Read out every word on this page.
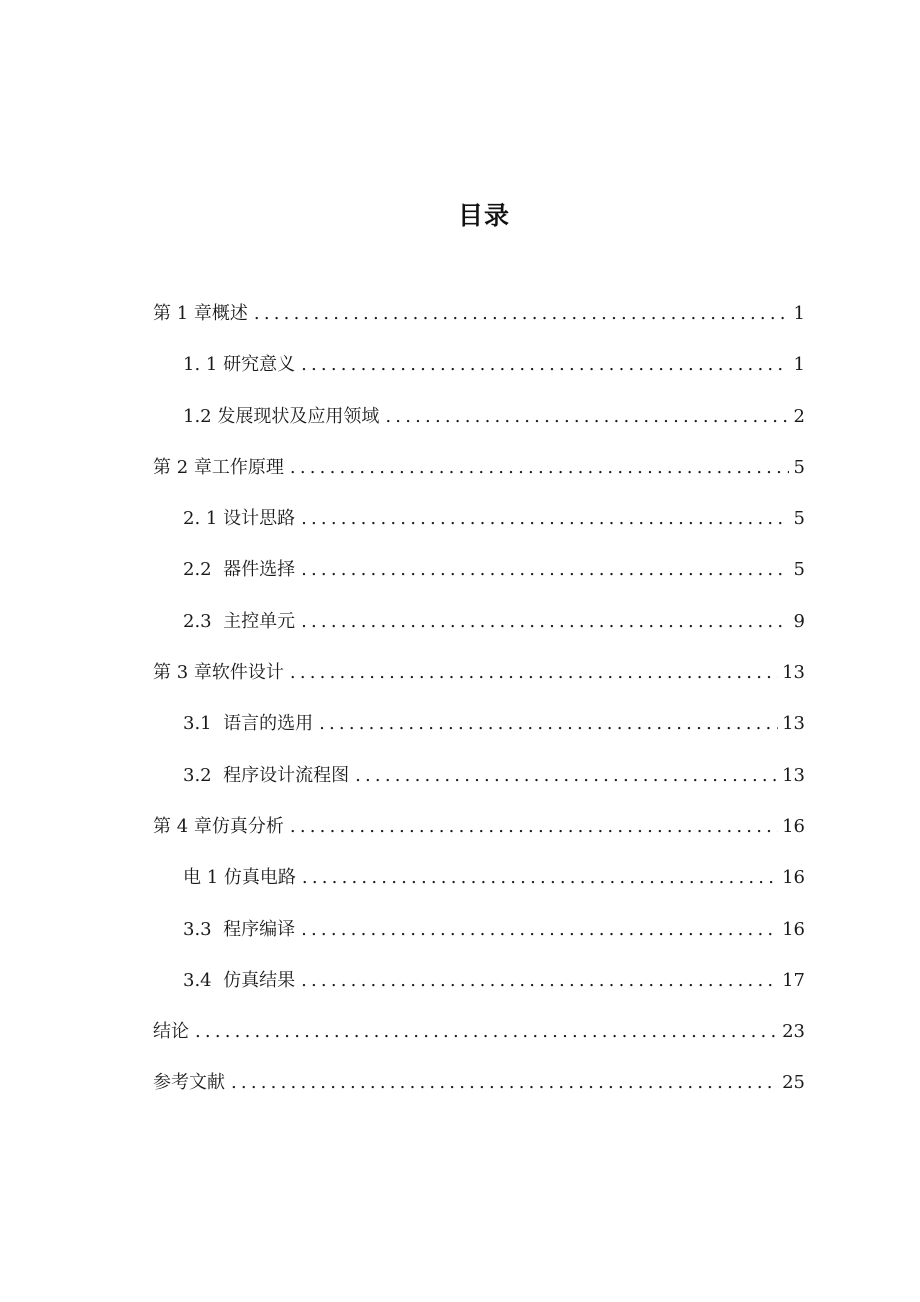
目录
第 1 章概述 .....	1
1. 1 研究意义 .....	1
1.2 发展现状及应用领域 .....	2
第 2 章工作原理 .....	5
2. 1 设计思路 .....	5
2.2  器件选择 .....	5
2.3  主控单元 .....	9
第 3 章软件设计 .....	13
3.1  语言的选用 .....	13
3.2  程序设计流程图 .....	13
第 4 章仿真分析 .....	16
电 1 仿真电路 .....	16
3.3  程序编译 .....	16
3.4  仿真结果 .....	17
结论 .....	23
参考文献 .....	25
